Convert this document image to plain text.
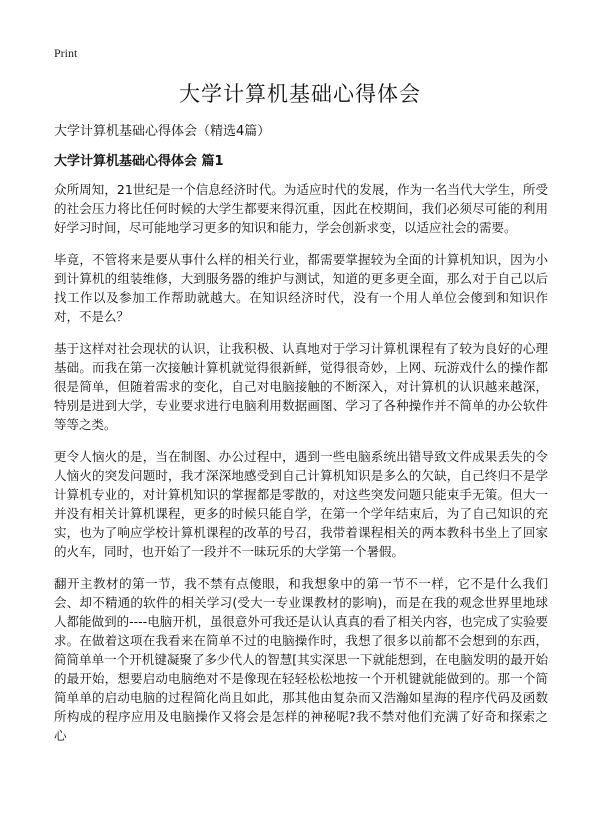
Print
大学计算机基础心得体会
大学计算机基础心得体会（精选4篇）
大学计算机基础心得体会 篇1

众所周知，21世纪是一个信息经济时代。为适应时代的发展，作为一名当代大学生，所受的社会压力将比任何时候的大学生都要来得沉重，因此在校期间，我们必须尽可能的利用好学习时间，尽可能地学习更多的知识和能力，学会创新求变，以适应社会的需要。

毕竟，不管将来是要从事什么样的相关行业，都需要掌握较为全面的计算机知识，因为小到计算机的组装维修，大到服务器的维护与测试，知道的更多更全面，那么对于自己以后找工作以及参加工作帮助就越大。在知识经济时代，没有一个用人单位会傻到和知识作对，不是么？

基于这样对社会现状的认识，让我积极、认真地对于学习计算机课程有了较为良好的心理基础。而我在第一次接触计算机就觉得很新鲜，觉得很奇妙，上网、玩游戏什么的操作都很是简单，但随着需求的变化，自己对电脑接触的不断深入，对计算机的认识越来越深，特别是进到大学，专业要求进行电脑利用数据画图、学习了各种操作并不简单的办公软件等等之类。

更令人恼火的是，当在制图、办公过程中，遇到一些电脑系统出错导致文件成果丢失的令人恼火的突发问题时，我才深深地感受到自己计算机知识是多么的欠缺，自己终归不是学计算机专业的，对计算机知识的掌握都是零散的，对这些突发问题只能束手无策。但大一并没有相关计算机课程，更多的时候只能自学，在第一个学年结束后，为了自己知识的充实，也为了响应学校计算机课程的改革的号召，我带着课程相关的两本教科书坐上了回家的火车，同时，也开始了一段并不一昧玩乐的大学第一个暑假。

翻开主教材的第一节，我不禁有点傻眼，和我想象中的第一节不一样，它不是什么我们会、却不精通的软件的相关学习(受大一专业课教材的影响)，而是在我的观念世界里地球人都能做到的----电脑开机，虽很意外可我还是认认真真的看了相关内容，也完成了实验要求。在做着这项在我看来在简单不过的电脑操作时，我想了很多以前都不会想到的东西，简简单单一个开机键凝聚了多少代人的智慧[其实深思一下就能想到，在电脑发明的最开始的最开始，想要启动电脑绝对不是像现在轻轻松松地按一个开机键就能做到的。那一个简简单单的启动电脑的过程简化尚且如此，那其他由复杂而又浩瀚如星海的程序代码及函数所构成的程序应用及电脑操作又将会是怎样的神秘呢?我不禁对他们充满了好奇和探索之心
